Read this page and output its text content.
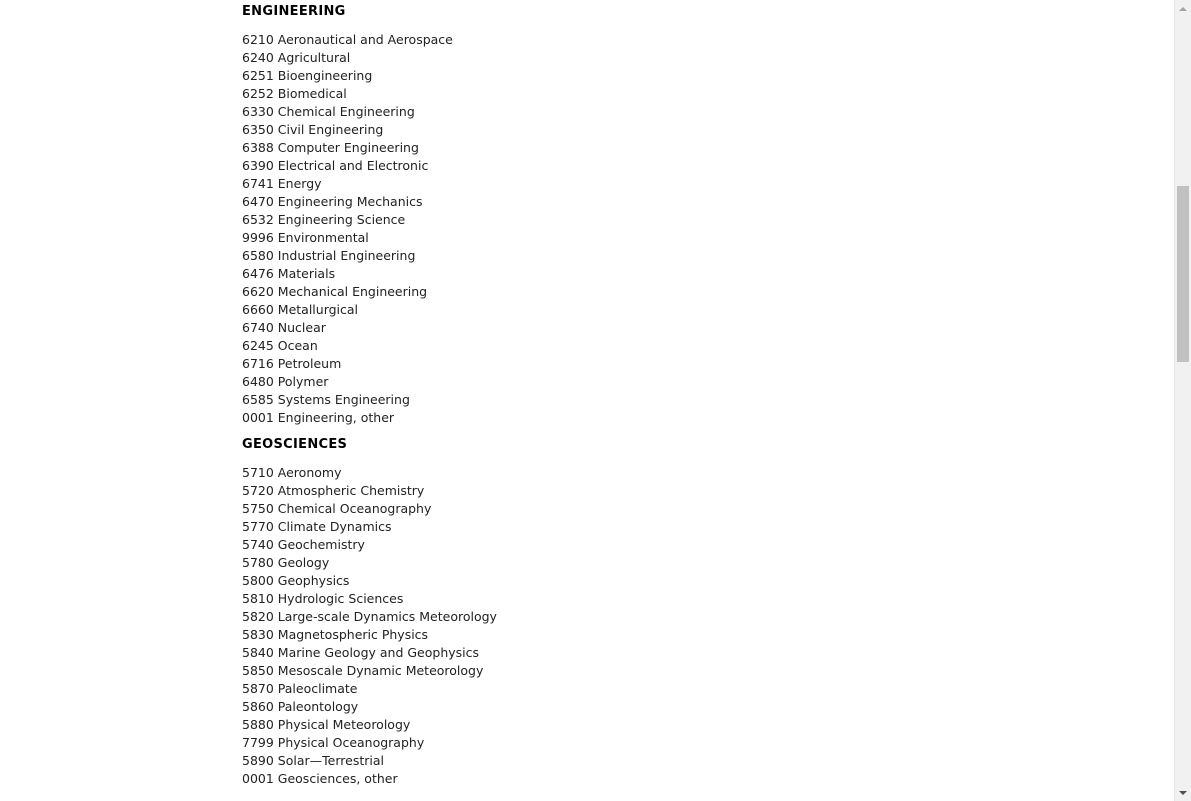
ENGINEERING
6210 Aeronautical and Aerospace
6240 Agricultural
6251 Bioengineering
6252 Biomedical
6330 Chemical Engineering
6350 Civil Engineering
6388 Computer Engineering
6390 Electrical and Electronic
6741 Energy
6470 Engineering Mechanics
6532 Engineering Science
9996 Environmental
6580 Industrial Engineering
6476 Materials
6620 Mechanical Engineering
6660 Metallurgical
6740 Nuclear
6245 Ocean
6716 Petroleum
6480 Polymer
6585 Systems Engineering
0001 Engineering, other
GEOSCIENCES
5710 Aeronomy
5720 Atmospheric Chemistry
5750 Chemical Oceanography
5770 Climate Dynamics
5740 Geochemistry
5780 Geology
5800 Geophysics
5810 Hydrologic Sciences
5820 Large-scale Dynamics Meteorology
5830 Magnetospheric Physics
5840 Marine Geology and Geophysics
5850 Mesoscale Dynamic Meteorology
5870 Paleoclimate
5860 Paleontology
5880 Physical Meteorology
7799 Physical Oceanography
5890 Solar—Terrestrial
0001 Geosciences, other
